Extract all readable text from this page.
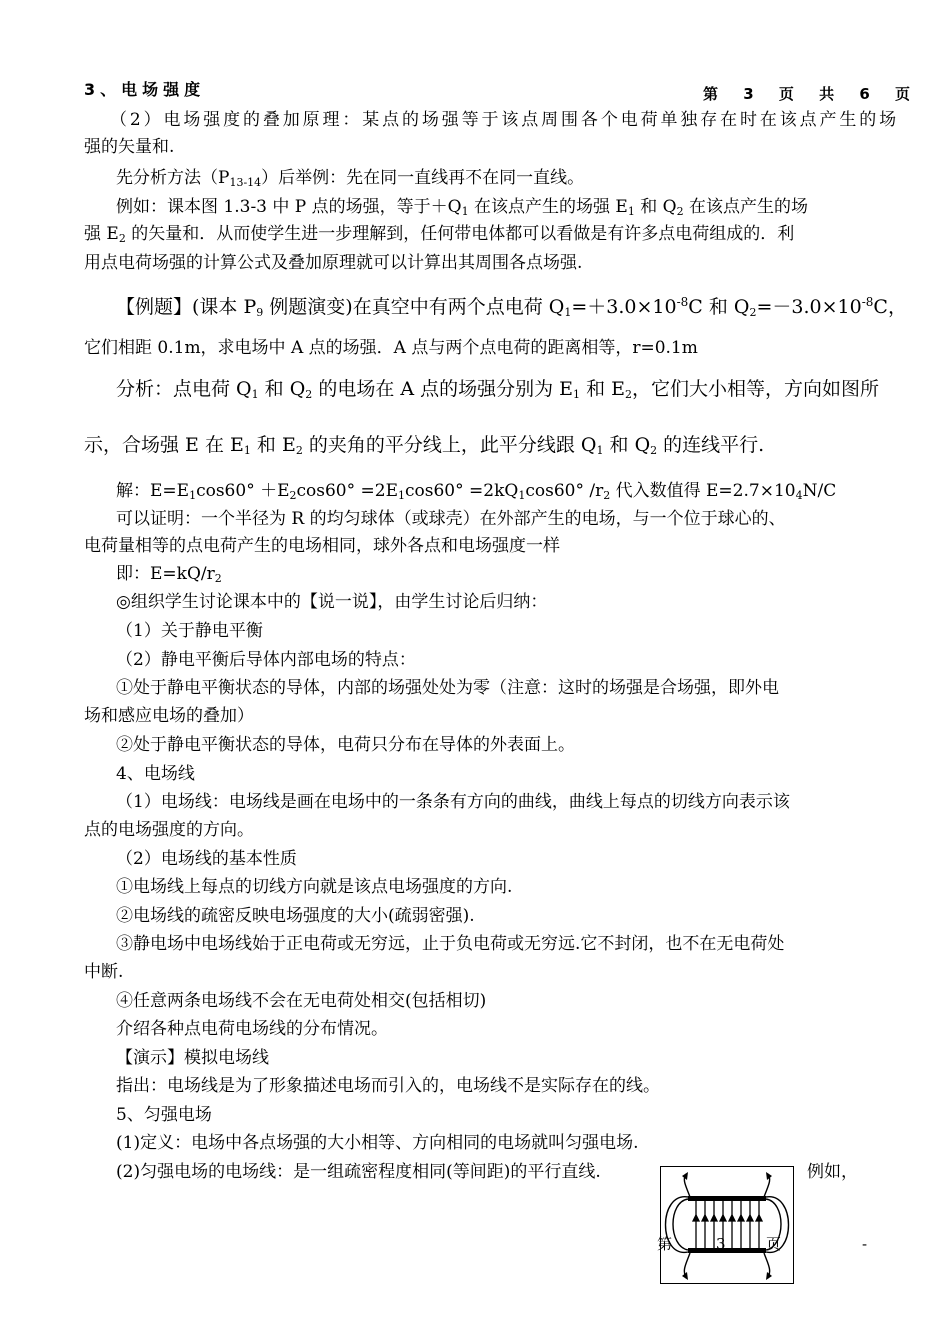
3、电场强度	第 3 页 共 6 页
（2）电场强度的叠加原理：某点的场强等于该点周围各个电荷单独存在时在该点产生的场
强的矢量和.
先分析方法$(P_{13-14})$后举例：先在同一直线再不在同一直线。
例如：课本图 1.3-3 中 P 点的场强，等于$+Q_1$ 在该点产生的场强 $E_1$ 和 $Q_2$ 在该点产生的场
强 $E_2$ 的矢量和．从而使学生进一步理解到，任何带电体都可以看做是有许多点电荷组成的．利
用点电荷场强的计算公式及叠加原理就可以计算出其周围各点场强.
【例题】(课本 $P_9$ 例题演变)在真空中有两个点电荷 $Q_1=+3.0\times 10^{-8}C$ 和 $Q_2=-3.0\times 10^{-8}C$，
它们相距 0.1m，求电场中 A 点的场强．A 点与两个点电荷的距离相等，r=0.1m
分析：点电荷 $Q_1$ 和 $Q_2$ 的电场在 A 点的场强分别为 $E_1$ 和 $E_2$，它们大小相等，方向如图所
示，合场强 E 在 $E_1$ 和 $E_2$ 的夹角的平分线上，此平分线跟 $Q_1$ 和 $Q_2$ 的连线平行.
解：$E=E_1\cos 60^\circ +E_2\cos 60^\circ =2E_1\cos 60^\circ =2kQ_1\cos 60^\circ$ $/r_2$ 代入数值得 $E=2.7\times 10_4N/C$
可以证明：一个半径为 R 的均匀球体（或球壳）在外部产生的电场，与一个位于球心的、
电荷量相等的点电荷产生的电场相同，球外各点和电场强度一样
即：$E=kQ/r_2$
◎组织学生讨论课本中的【说一说】，由学生讨论后归纳：
（1）关于静电平衡
（2）静电平衡后导体内部电场的特点：
①处于静电平衡状态的导体，内部的场强处处为零（注意：这时的场强是合场强，即外电
场和感应电场的叠加）
②处于静电平衡状态的导体，电荷只分布在导体的外表面上。
4、电场线
（1）电场线：电场线是画在电场中的一条条有方向的曲线，曲线上每点的切线方向表示该
点的电场强度的方向。
（2）电场线的基本性质
①电场线上每点的切线方向就是该点电场强度的方向.
②电场线的疏密反映电场强度的大小(疏弱密强).
③静电场中电场线始于正电荷或无穷远，止于负电荷或无穷远.它不封闭，也不在无电荷处
中断.
④任意两条电场线不会在无电荷处相交(包括相切)
介绍各种点电荷电场线的分布情况。
【演示】模拟电场线
指出：电场线是为了形象描述电场而引入的，电场线不是实际存在的线。
5、匀强电场
(1)定义：电场中各点场强的大小相等、方向相同的电场就叫匀强电场.
(2)匀强电场的电场线：是一组疏密程度相同(等间距)的平行直线.	例如，
第	3	页	-
